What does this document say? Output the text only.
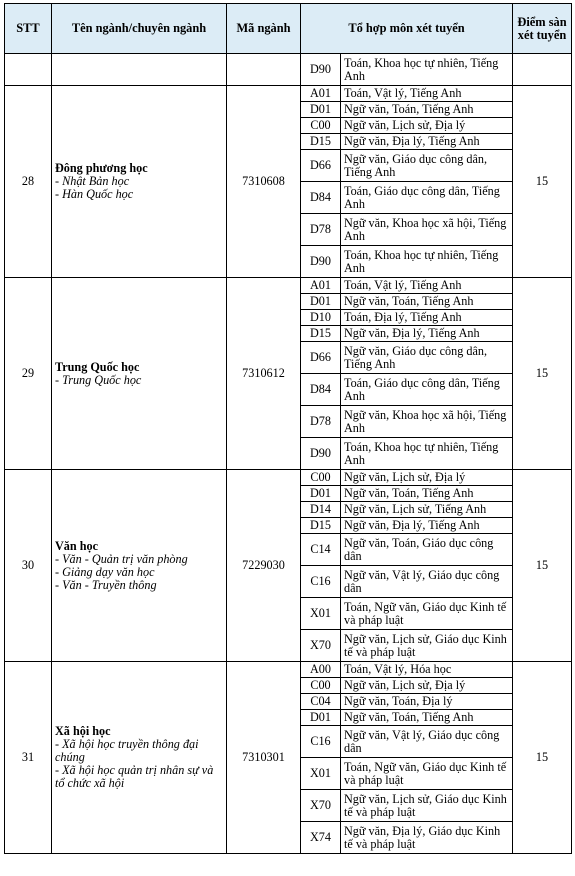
STT	Tên ngành/chuyên ngành	Mã ngành	Tổ hợp môn xét tuyển		Điểm sàn xét tuyển
			D90	Toán, Khoa học tự nhiên, Tiếng Anh	
28	Đông phương học
- Nhật Bản học
- Hàn Quốc học	7310608	A01	Toán, Vật lý, Tiếng Anh	15
			D01	Ngữ văn, Toán, Tiếng Anh	
			C00	Ngữ văn, Lịch sử, Địa lý	
			D15	Ngữ văn, Địa lý, Tiếng Anh	
			D66	Ngữ văn, Giáo dục công dân, Tiếng Anh	
			D84	Toán, Giáo dục công dân, Tiếng Anh	
			D78	Ngữ văn, Khoa học xã hội, Tiếng Anh	
			D90	Toán, Khoa học tự nhiên, Tiếng Anh	
29	Trung Quốc học
- Trung Quốc học	7310612	A01	Toán, Vật lý, Tiếng Anh	15
			D01	Ngữ văn, Toán, Tiếng Anh	
			D10	Toán, Địa lý, Tiếng Anh	
			D15	Ngữ văn, Địa lý, Tiếng Anh	
			D66	Ngữ văn, Giáo dục công dân, Tiếng Anh	
			D84	Toán, Giáo dục công dân, Tiếng Anh	
			D78	Ngữ văn, Khoa học xã hội, Tiếng Anh	
			D90	Toán, Khoa học tự nhiên, Tiếng Anh	
30	Văn học
- Văn - Quản trị văn phòng
- Giảng dạy văn học
- Văn - Truyền thông	7229030	C00	Ngữ văn, Lịch sử, Địa lý	15
			D01	Ngữ văn, Toán, Tiếng Anh	
			D14	Ngữ văn, Lịch sử, Tiếng Anh	
			D15	Ngữ văn, Địa lý, Tiếng Anh	
			C14	Ngữ văn, Toán, Giáo dục công dân	
			C16	Ngữ văn, Vật lý, Giáo dục công dân	
			X01	Toán, Ngữ văn, Giáo dục Kinh tế và pháp luật	
			X70	Ngữ văn, Lịch sử, Giáo dục Kinh tế và pháp luật	
31	Xã hội học
- Xã hội học truyền thông đại chúng
- Xã hội học quản trị nhân sự và tổ chức xã hội	7310301	A00	Toán, Vật lý, Hóa học	15
			C00	Ngữ văn, Lịch sử, Địa lý	
			C04	Ngữ văn, Toán, Địa lý	
			D01	Ngữ văn, Toán, Tiếng Anh	
			C16	Ngữ văn, Vật lý, Giáo dục công dân	
			X01	Toán, Ngữ văn, Giáo dục Kinh tế và pháp luật	
			X70	Ngữ văn, Lịch sử, Giáo dục Kinh tế và pháp luật	
			X74	Ngữ văn, Địa lý, Giáo dục Kinh tế và pháp luật	
